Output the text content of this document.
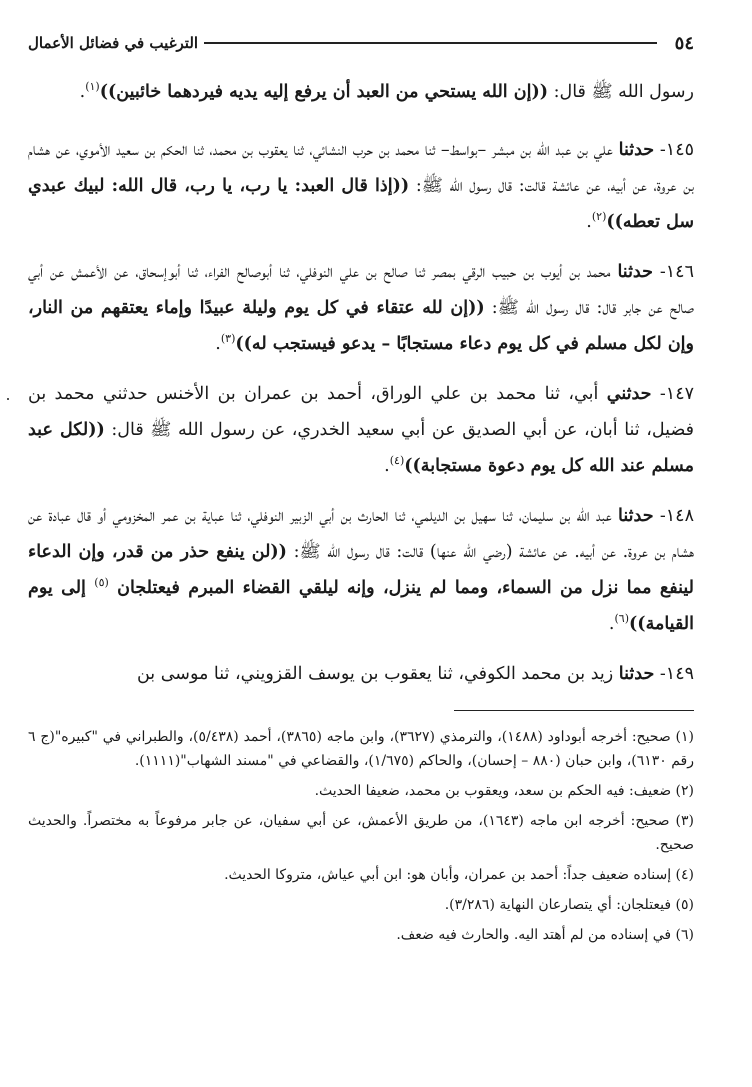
٥٤
الترغيب في فضائل الأعمال

رسول الله ﷺ قال: ((إن الله يستحي من العبد أن يرفع إليه يديه فيردهما خائبين))$^{(١)}$.

١٤٥- حدثنا علي بن عبد الله بن مبشر –بواسط– ثنا محمد بن حرب النشائي، ثنا يعقوب بن محمد، ثنا الحكم بن سعيد الأموي، عن هشام بن عروة، عن أبيه، عن عائشة قالت: قال رسول الله ﷺ: ((إذا قال العبد: يا رب، يا رب، قال الله: لبيك عبدي سل تعطه))$^{(٢)}$.

١٤٦- حدثنا محمد بن أيوب بن حبيب الرقي بمصر ثنا صالح بن علي النوفلي، ثنا أبوصالح الفراء، ثنا أبوإسحاق، عن الأعمش عن أبي صالح عن جابر قال: قال رسول الله ﷺ: ((إن لله عتقاء في كل يوم وليلة عبيدًا وإماء يعتقهم من النار، وإن لكل مسلم في كل يوم دعاء مستجابًا – يدعو فيستجب له))$^{(٣)}$.

١٤٧- حدثني أبي، ثنا محمد بن علي الوراق، أحمد بن عمران بن الأخنس حدثني محمد بن فضيل، ثنا أبان، عن أبي الصديق عن أبي سعيد الخدري، عن رسول الله ﷺ قال: ((لكل عبد مسلم عند الله كل يوم دعوة مستجابة))$^{(٤)}$.

١٤٨- حدثنا عبد الله بن سليمان، ثنا سهيل بن الديلمي، ثنا الحارث بن أبي الزبير النوفلي، ثنا عباية بن عمر المخزومي أو قال عبادة عن هشام بن عروة. عن أبيه. عن عائشة (رضي الله عنها) قالت: قال رسول الله ﷺ: ((لن ينفع حذر من قدر، وإن الدعاء لينفع مما نزل من السماء، ومما لم ينزل، وإنه ليلقي القضاء المبرم فيعتلجان $^{(٥)}$ إلى يوم القيامة))$^{(٦)}$.

١٤٩- حدثنا زيد بن محمد الكوفي، ثنا يعقوب بن يوسف القزويني، ثنا موسى بن

(١) صحيح: أخرجه أبوداود (١٤٨٨)، والترمذي (٣٦٢٧)، وابن ماجه (٣٨٦٥)، أحمد (٥/٤٣٨)، والطبراني في "كبيره"(ج ٦ رقم ٦١٣٠)، وابن حبان (٨٨٠ – إحسان)، والحاكم (١/٦٧٥)، والقضاعي في "مسند الشهاب"(١١١١).

(٢) ضعيف: فيه الحكم بن سعد، ويعقوب بن محمد، ضعيفا الحديث.

(٣) صحيح: أخرجه ابن ماجه (١٦٤٣)، من طريق الأعمش، عن أبي سفيان، عن جابر مرفوعاً به مختصراً. والحديث صحيح.

(٤) إسناده ضعيف جداً: أحمد بن عمران، وأبان هو: ابن أبي عياش، متروكا الحديث.

(٥) فيعتلجان: أي يتصارعان النهاية (٣/٢٨٦).

(٦) في إسناده من لم أهتد اليه. والحارث فيه ضعف.
